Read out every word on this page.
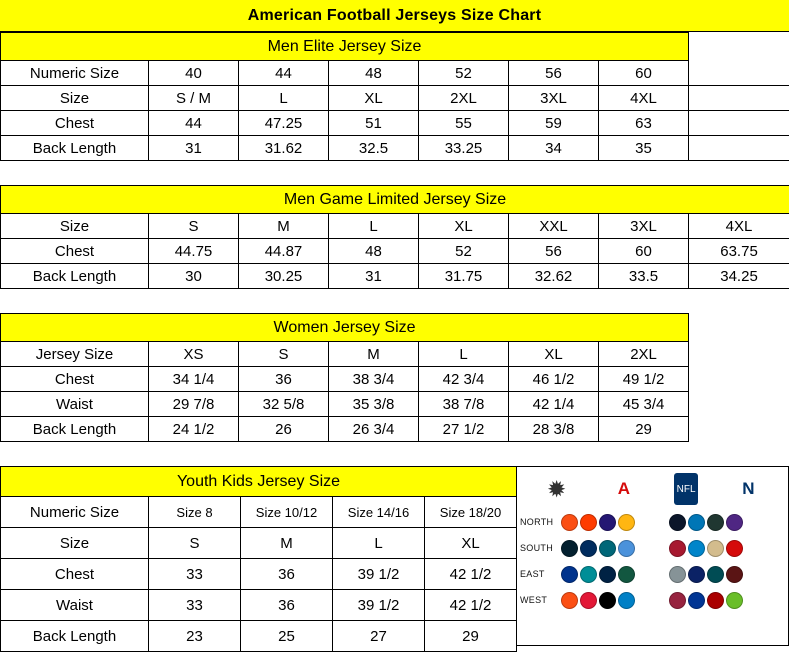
American Football Jerseys Size Chart
Men Elite Jersey Size							
Numeric Size	40	44	48	52	56	60	
Size	S / M	L	XL	2XL	3XL	4XL	
Chest	44	47.25	51	55	59	63	
Back Length	31	31.62	32.5	33.25	34	35	
Men Game Limited Jersey Size							
Size	S	M	L	XL	XXL	3XL	4XL
Chest	44.75	44.87	48	52	56	60	63.75
Back Length	30	30.25	31	31.75	32.62	33.5	34.25
Women Jersey Size							
Jersey Size	XS	S	M	L	XL	2XL	
Chest	34 1/4	36	38 3/4	42 3/4	46 1/2	49 1/2	
Waist	29 7/8	32 5/8	35 3/8	38 7/8	42 1/4	45 3/4	
Back Length	24 1/2	26	26 3/4	27 1/2	28 3/8	29	
Youth Kids Jersey Size				
Numeric Size	Size 8	Size 10/12	Size 14/16	Size 18/20
Size	S	M	L	XL
Chest	33	36	39 1/2	42 1/2
Waist	33	36	39 1/2	42 1/2
Back Length	23	25	27	29
✹	A	NFL	N
NORTH
SOUTH
EAST
WEST
